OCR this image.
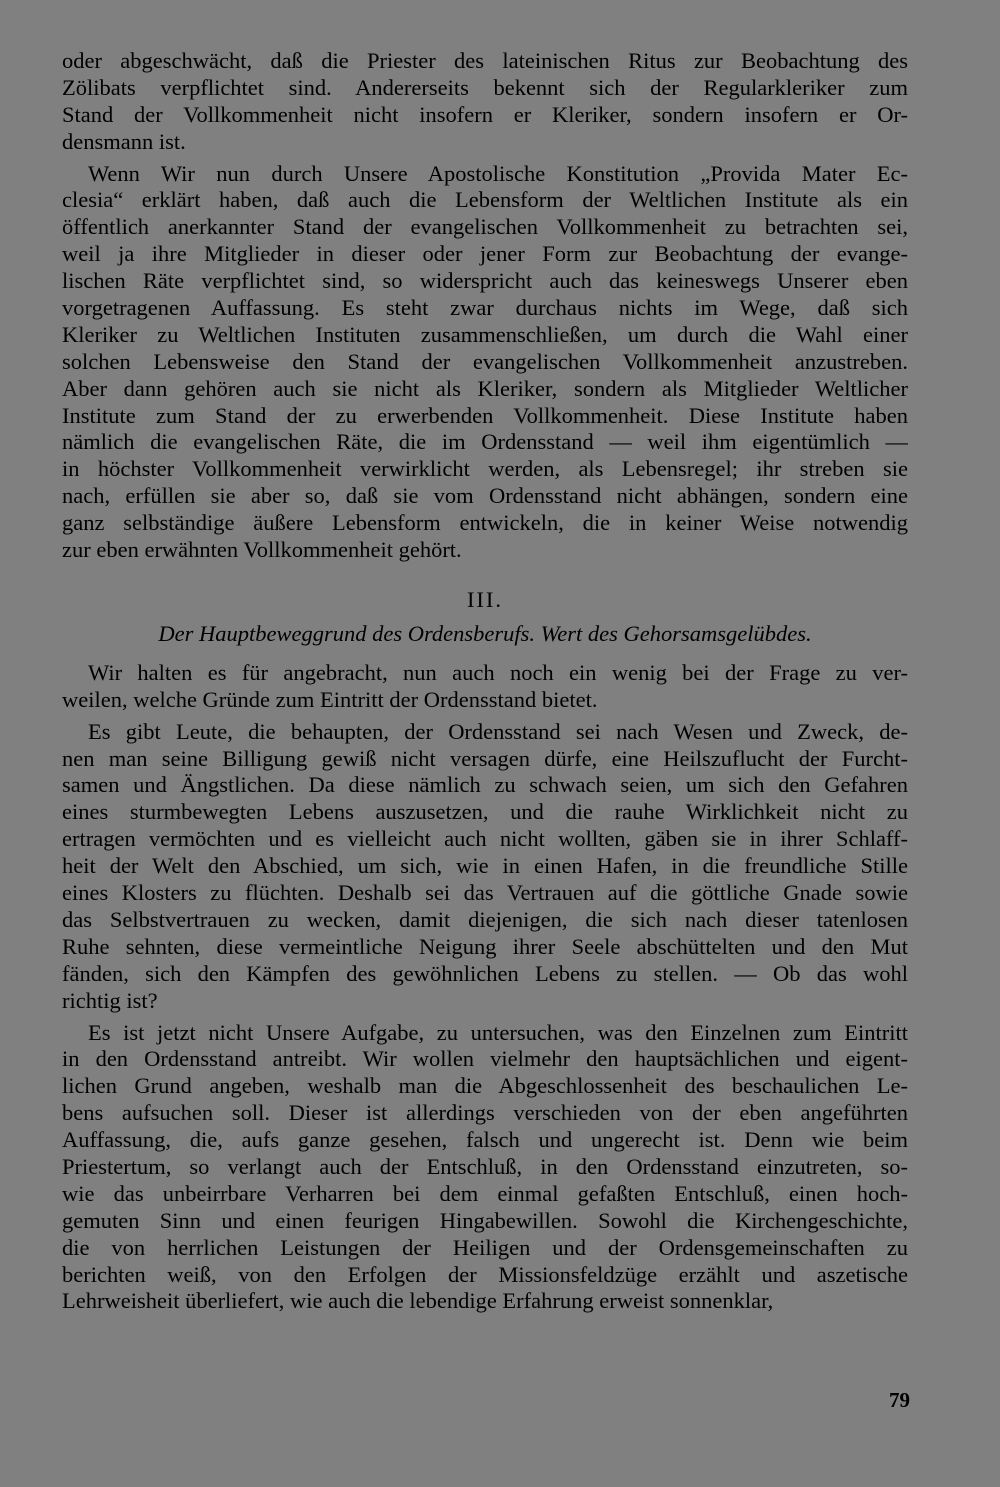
oder abgeschwächt, daß die Priester des lateinischen Ritus zur Beobachtung des
Zölibats verpflichtet sind. Andererseits bekennt sich der Regularkleriker zum
Stand der Vollkommenheit nicht insofern er Kleriker, sondern insofern er Or-
densmann ist.
Wenn Wir nun durch Unsere Apostolische Konstitution „Provida Mater Ec-
clesia“ erklärt haben, daß auch die Lebensform der Weltlichen Institute als ein
öffentlich anerkannter Stand der evangelischen Vollkommenheit zu betrachten sei,
weil ja ihre Mitglieder in dieser oder jener Form zur Beobachtung der evange-
lischen Räte verpflichtet sind, so widerspricht auch das keineswegs Unserer eben
vorgetragenen Auffassung. Es steht zwar durchaus nichts im Wege, daß sich
Kleriker zu Weltlichen Instituten zusammenschließen, um durch die Wahl einer
solchen Lebensweise den Stand der evangelischen Vollkommenheit anzustreben.
Aber dann gehören auch sie nicht als Kleriker, sondern als Mitglieder Weltlicher
Institute zum Stand der zu erwerbenden Vollkommenheit. Diese Institute haben
nämlich die evangelischen Räte, die im Ordensstand — weil ihm eigentümlich —
in höchster Vollkommenheit verwirklicht werden, als Lebensregel; ihr streben sie
nach, erfüllen sie aber so, daß sie vom Ordensstand nicht abhängen, sondern eine
ganz selbständige äußere Lebensform entwickeln, die in keiner Weise notwendig
zur eben erwähnten Vollkommenheit gehört.
III.
Der Hauptbeweggrund des Ordensberufs. Wert des Gehorsamsgelübdes.
Wir halten es für angebracht, nun auch noch ein wenig bei der Frage zu ver-
weilen, welche Gründe zum Eintritt der Ordensstand bietet.
Es gibt Leute, die behaupten, der Ordensstand sei nach Wesen und Zweck, de-
nen man seine Billigung gewiß nicht versagen dürfe, eine Heilszuflucht der Furcht-
samen und Ängstlichen. Da diese nämlich zu schwach seien, um sich den Gefahren
eines sturmbewegten Lebens auszusetzen, und die rauhe Wirklichkeit nicht zu
ertragen vermöchten und es vielleicht auch nicht wollten, gäben sie in ihrer Schlaff-
heit der Welt den Abschied, um sich, wie in einen Hafen, in die freundliche Stille
eines Klosters zu flüchten. Deshalb sei das Vertrauen auf die göttliche Gnade sowie
das Selbstvertrauen zu wecken, damit diejenigen, die sich nach dieser tatenlosen
Ruhe sehnten, diese vermeintliche Neigung ihrer Seele abschüttelten und den Mut
fänden, sich den Kämpfen des gewöhnlichen Lebens zu stellen. — Ob das wohl
richtig ist?
Es ist jetzt nicht Unsere Aufgabe, zu untersuchen, was den Einzelnen zum Eintritt
in den Ordensstand antreibt. Wir wollen vielmehr den hauptsächlichen und eigent-
lichen Grund angeben, weshalb man die Abgeschlossenheit des beschaulichen Le-
bens aufsuchen soll. Dieser ist allerdings verschieden von der eben angeführten
Auffassung, die, aufs ganze gesehen, falsch und ungerecht ist. Denn wie beim
Priestertum, so verlangt auch der Entschluß, in den Ordensstand einzutreten, so-
wie das unbeirrbare Verharren bei dem einmal gefaßten Entschluß, einen hoch-
gemuten Sinn und einen feurigen Hingabewillen. Sowohl die Kirchengeschichte,
die von herrlichen Leistungen der Heiligen und der Ordensgemeinschaften zu
berichten weiß, von den Erfolgen der Missionsfeldzüge erzählt und aszetische
Lehrweisheit überliefert, wie auch die lebendige Erfahrung erweist sonnenklar,
79
